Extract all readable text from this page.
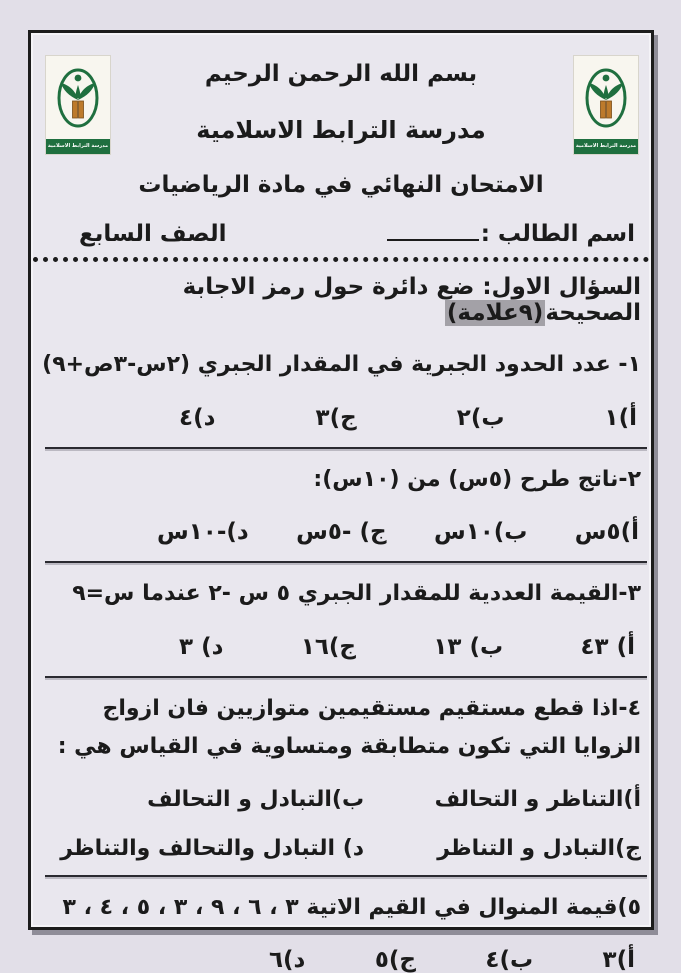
مدرسة الترابط الاسلامية
مدرسة الترابط الاسلامية
بسم الله الرحمن الرحيم
مدرسة الترابط الاسلامية
الامتحان النهائي في مادة الرياضيات
اسم الطالب :
الصف السابع
السؤال الاول: ضع دائرة حول رمز الاجابة الصحيحة(٩علامة)
١- عدد الحدود الجبرية في المقدار الجبري (٢س-٣ص+٩)
أ)١
ب)٢
ج)٣
د)٤
٢-ناتج طرح (٥س) من (١٠س):
أ)٥س
ب)١٠س
ج) -٥س
د)-١٠س
٣-القيمة العددية للمقدار الجبري ٥ س -٢ عندما س=٩
أ) ٤٣
ب) ١٣
ج)١٦
د) ٣
٤-اذا قطع مستقيم مستقيمين متوازيين فان ازواج الزوايا التي تكون متطابقة ومتساوية في القياس هي :
أ)التناظر و التحالف
ب)التبادل و التحالف
ج)التبادل و التناظر
د) التبادل والتحالف والتناظر
٥)قيمة المنوال في القيم الاتية ٣ ، ٦ ، ٩ ، ٣ ، ٥ ، ٤ ، ٣
أ)٣
ب)٤
ج)٥
د)٦
